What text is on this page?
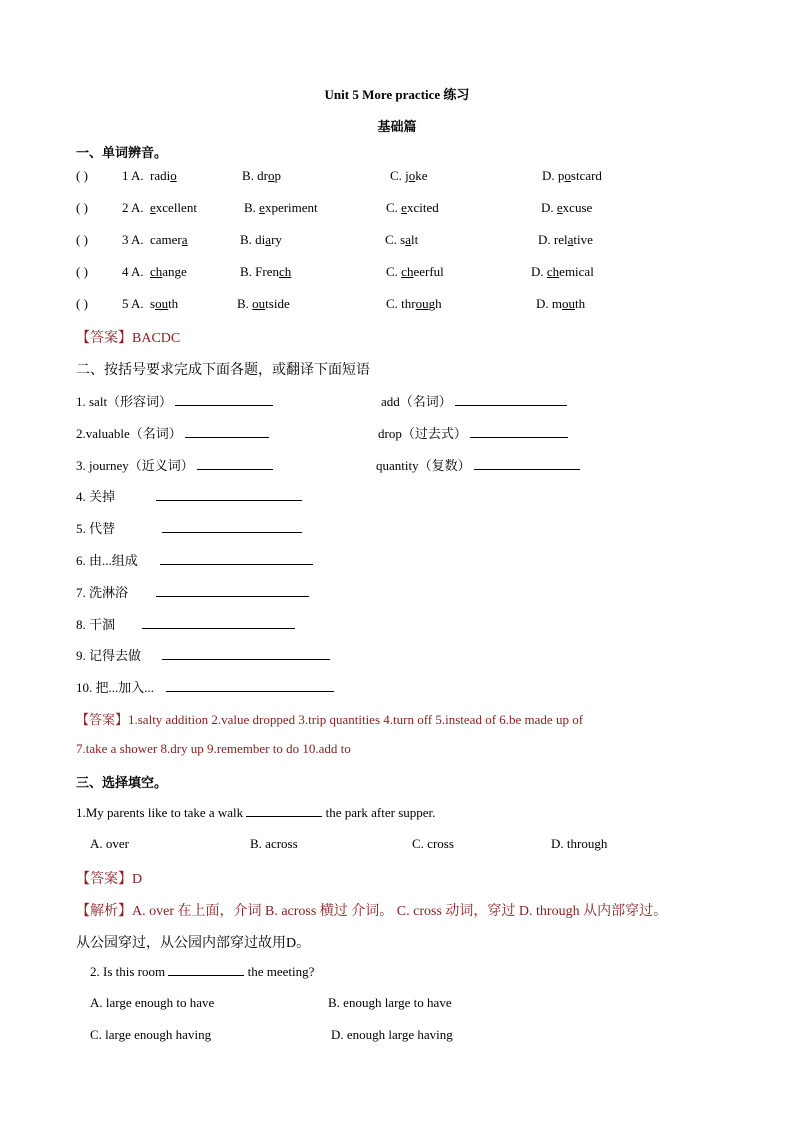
Unit 5 More practice 练习
基础篇
一、单词辨音。
( )	1 A. radio	B. drop	C. joke	D. postcard
( )	2 A. excellent	B. experiment	C. excited	D. excuse
( )	3 A. camera	B. diary	C. salt	D. relative
( )	4 A. change	B. French	C. cheerful	D. chemical
( )	5 A. south	B. outside	C. through	D. mouth
【答案】BACDC
二、按括号要求完成下面各题，或翻译下面短语
1. salt（形容词）	add（名词）
2.valuable（名词）	drop（过去式）
3. journey（近义词）	quantity（复数）
4. 关掉
5. 代替
6. 由...组成
7. 洗淋浴
8. 干涸
9. 记得去做
10. 把...加入...
【答案】1.salty addition 2.value dropped 3.trip quantities 4.turn off 5.instead of 6.be made up of
7.take a shower 8.dry up 9.remember to do 10.add to
三、选择填空。
1.My parents like to take a walk	the park after supper.
A. over	B. across	C. cross	D. through
【答案】D
【解析】A. over 在上面，介词 B. across 横过 介词。 C. cross 动词，穿过 D. through 从内部穿过。
从公园穿过，从公园内部穿过故用D。
2. Is this room	the meeting?
A. large enough to have	B. enough large to have
C. large enough having	D. enough large having
